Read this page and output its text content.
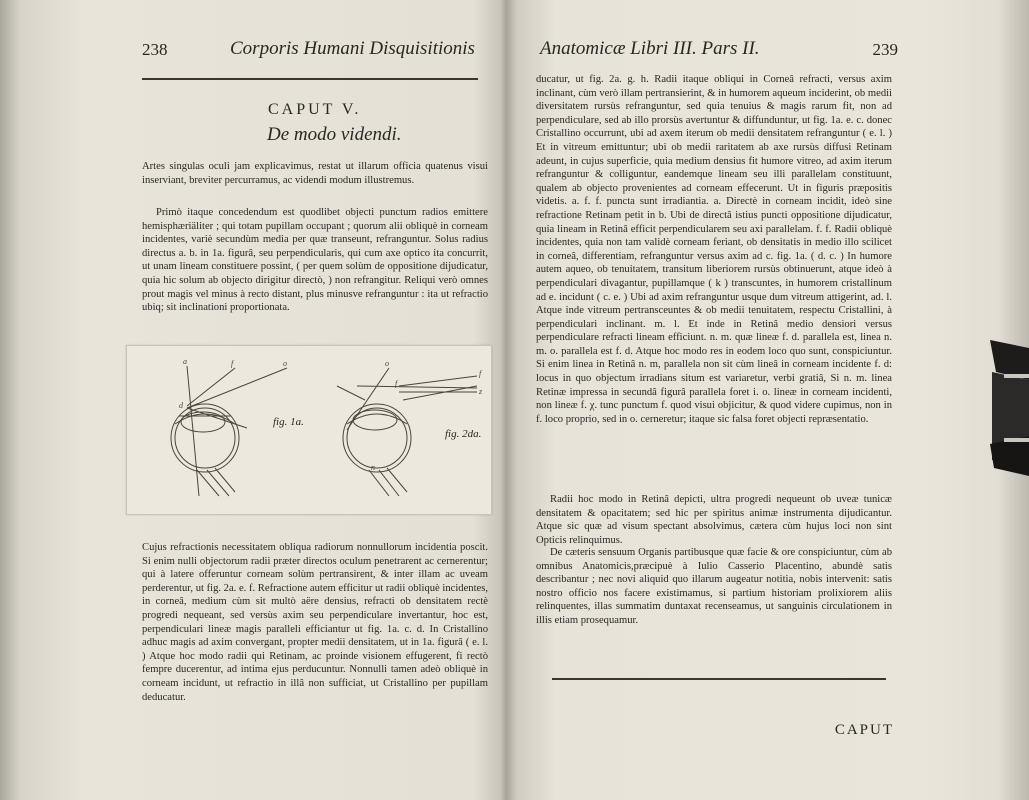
238	Corporis Humani Disquisitionis
CAPUT V.
De modo videndi.

Artes singulas oculi jam explicavimus, restat ut illarum officia quatenus visui inserviant, breviter percurramus, ac videndi modum illustremus.

Primò itaque concedendum est quodlibet objecti punctum radios emittere hemisphæriäliter ; qui totam pupillam occupant ; quorum alii obliquè in corneam incidentes, variè secundùm media per quæ transeunt, refranguntur. Solus radius directus a. b. in 1a. figurâ, seu perpendicularis, qui cum axe optico ita concurrit, ut unam lineam constituere possint, ( per quem solùm de oppositione dijudicatur, quia hic solum ab objecto dirigitur directò, ) non refrangitur. Reliqui verò omnes prout magis vel minus à recto distant, plus minusve refranguntur : ita ut refractio ubiq; sit inclinationi proportionata.

a	f	o
d
o
f
f
z
n
fig. 1a.
fig. 2da.

Cujus refractionis necessitatem obliqua radiorum nonnullorum incidentia poscit. Si enim nulli objectorum radii præter directos oculum penetrarent ac cernerentur; qui à latere offeruntur corneam solùm pertransirent, & inter illam ac uveam perderentur, ut fig. 2a. e. f. Refractione autem efficitur ut radii obliquè incidentes, in corneâ, medium cùm sit multò aëre densius, refracti ob densitatem rectè progredi nequeant, sed versùs axim seu perpendiculare invertantur, hoc est, perpendiculari lineæ magis paralleli efficiantur ut fig. 1a. c. d. In Cristallino adhuc magis ad axim convergant, propter medii densitatem, ut in 1a. figurâ ( e. l. ) Atque hoc modo radii qui Retinam, ac proinde visionem effugerent, fi rectò fempre ducerentur, ad intima ejus perducuntur. Nonnulli tamen adeò obliquè in corneam incidunt, ut refractio in illâ non sufficiat, ut Cristallino per pupillam deducatur.

Anatomicæ Libri III. Pars II.	239

ducatur, ut fig. 2a. g. h. Radii itaque obliqui in Corneâ refracti, versus axim inclinant, cùm verò illam pertransierint, & in humorem aqueum inciderint, ob medii diversitatem rursùs refranguntur, sed quia tenuius & magis rarum fit, non ad perpendiculare, sed ab illo prorsùs avertuntur & diffunduntur, ut fig. 1a. e. c. donec Cristallino occurrunt, ubi ad axem iterum ob medii densitatem refranguntur ( e. l. ) Et in vitreum emittuntur; ubi ob medii raritatem ab axe rursùs diffusi Retinam adeunt, in cujus superficie, quia medium densius fit humore vitreo, ad axim iterum refranguntur & colliguntur, eandemque lineam seu illi parallelam constituunt, qualem ab objecto provenientes ad corneam effecerunt. Ut in figuris præpositis videtis. a. f. f. puncta sunt irradiantia. a. Directè in corneam incidit, ideò sine refractione Retinam petit in b. Ubi de directâ istius puncti oppositione dijudicatur, quia lineam in Retinâ efficit perpendicularem seu axi parallelam. f. f. Radii obliquè incidentes, quia non tam validè corneam feriant, ob densitatis in medio illo scilicet in corneâ, differentiam, refranguntur versus axim ad c. fig. 1a. ( d. c. ) In humore autem aqueo, ob tenuitatem, transitum liberiorem rursùs obtinuerunt, atque ideò à perpendiculari divagantur, pupillamque ( k ) transcuntes, in humorem cristallinum ad e. incidunt ( c. e. ) Ubi ad axim refranguntur usque dum vitreum attigerint, ad. l. Atque inde vitreum pertransceuntes & ob medii tenuitatem, respectu Cristallini, à perpendiculari inclinant. m. l. Et inde in Retinâ medio densiori versus perpendiculare refracti lineam efficiunt. n. m. quæ lineæ f. d. parallela est, linea n. m. o. parallela est f. d. Atque hoc modo res in eodem loco quo sunt, conspiciuntur. Si enim linea in Retinâ n. m, parallela non sit cùm lineâ in corneam incidente f. d: locus in quo objectum irradians situm est variaretur, verbi gratiâ, Si n. m. linea Retinæ impressa in secundâ figurâ parallela foret i. o. lineæ in corneam incidenti, non lineæ f. χ. tunc punctum f. quod visui objicitur, & quod videre cupimus, non in f. loco proprio, sed in o. cerneretur; itaque sic falsa foret objecti repræsentatio.

Radii hoc modo in Retinâ depicti, ultra progredi nequeunt ob uveæ tunicæ densitatem & opacitatem; sed hic per spiritus animæ instrumenta dijudicantur. Atque sic quæ ad visum spectant absolvimus, cætera cùm hujus loci non sint Opticis relinquimus.

De cæteris sensuum Organis partibusque quæ facie & ore conspiciuntur, cùm ab omnibus Anatomicis,præcipuè à Iulio Casserio Placentino, abundè satis describantur ; nec novi aliquid quo illarum augeatur notitia, nobis intervenit: satis nostro officio nos facere existimamus, si partium historiam prolixiorem aliis relinquentes, illas summatim duntaxat recenseamus, ut sanguinis circulationem in illis etiam prosequamur.

CAPUT
